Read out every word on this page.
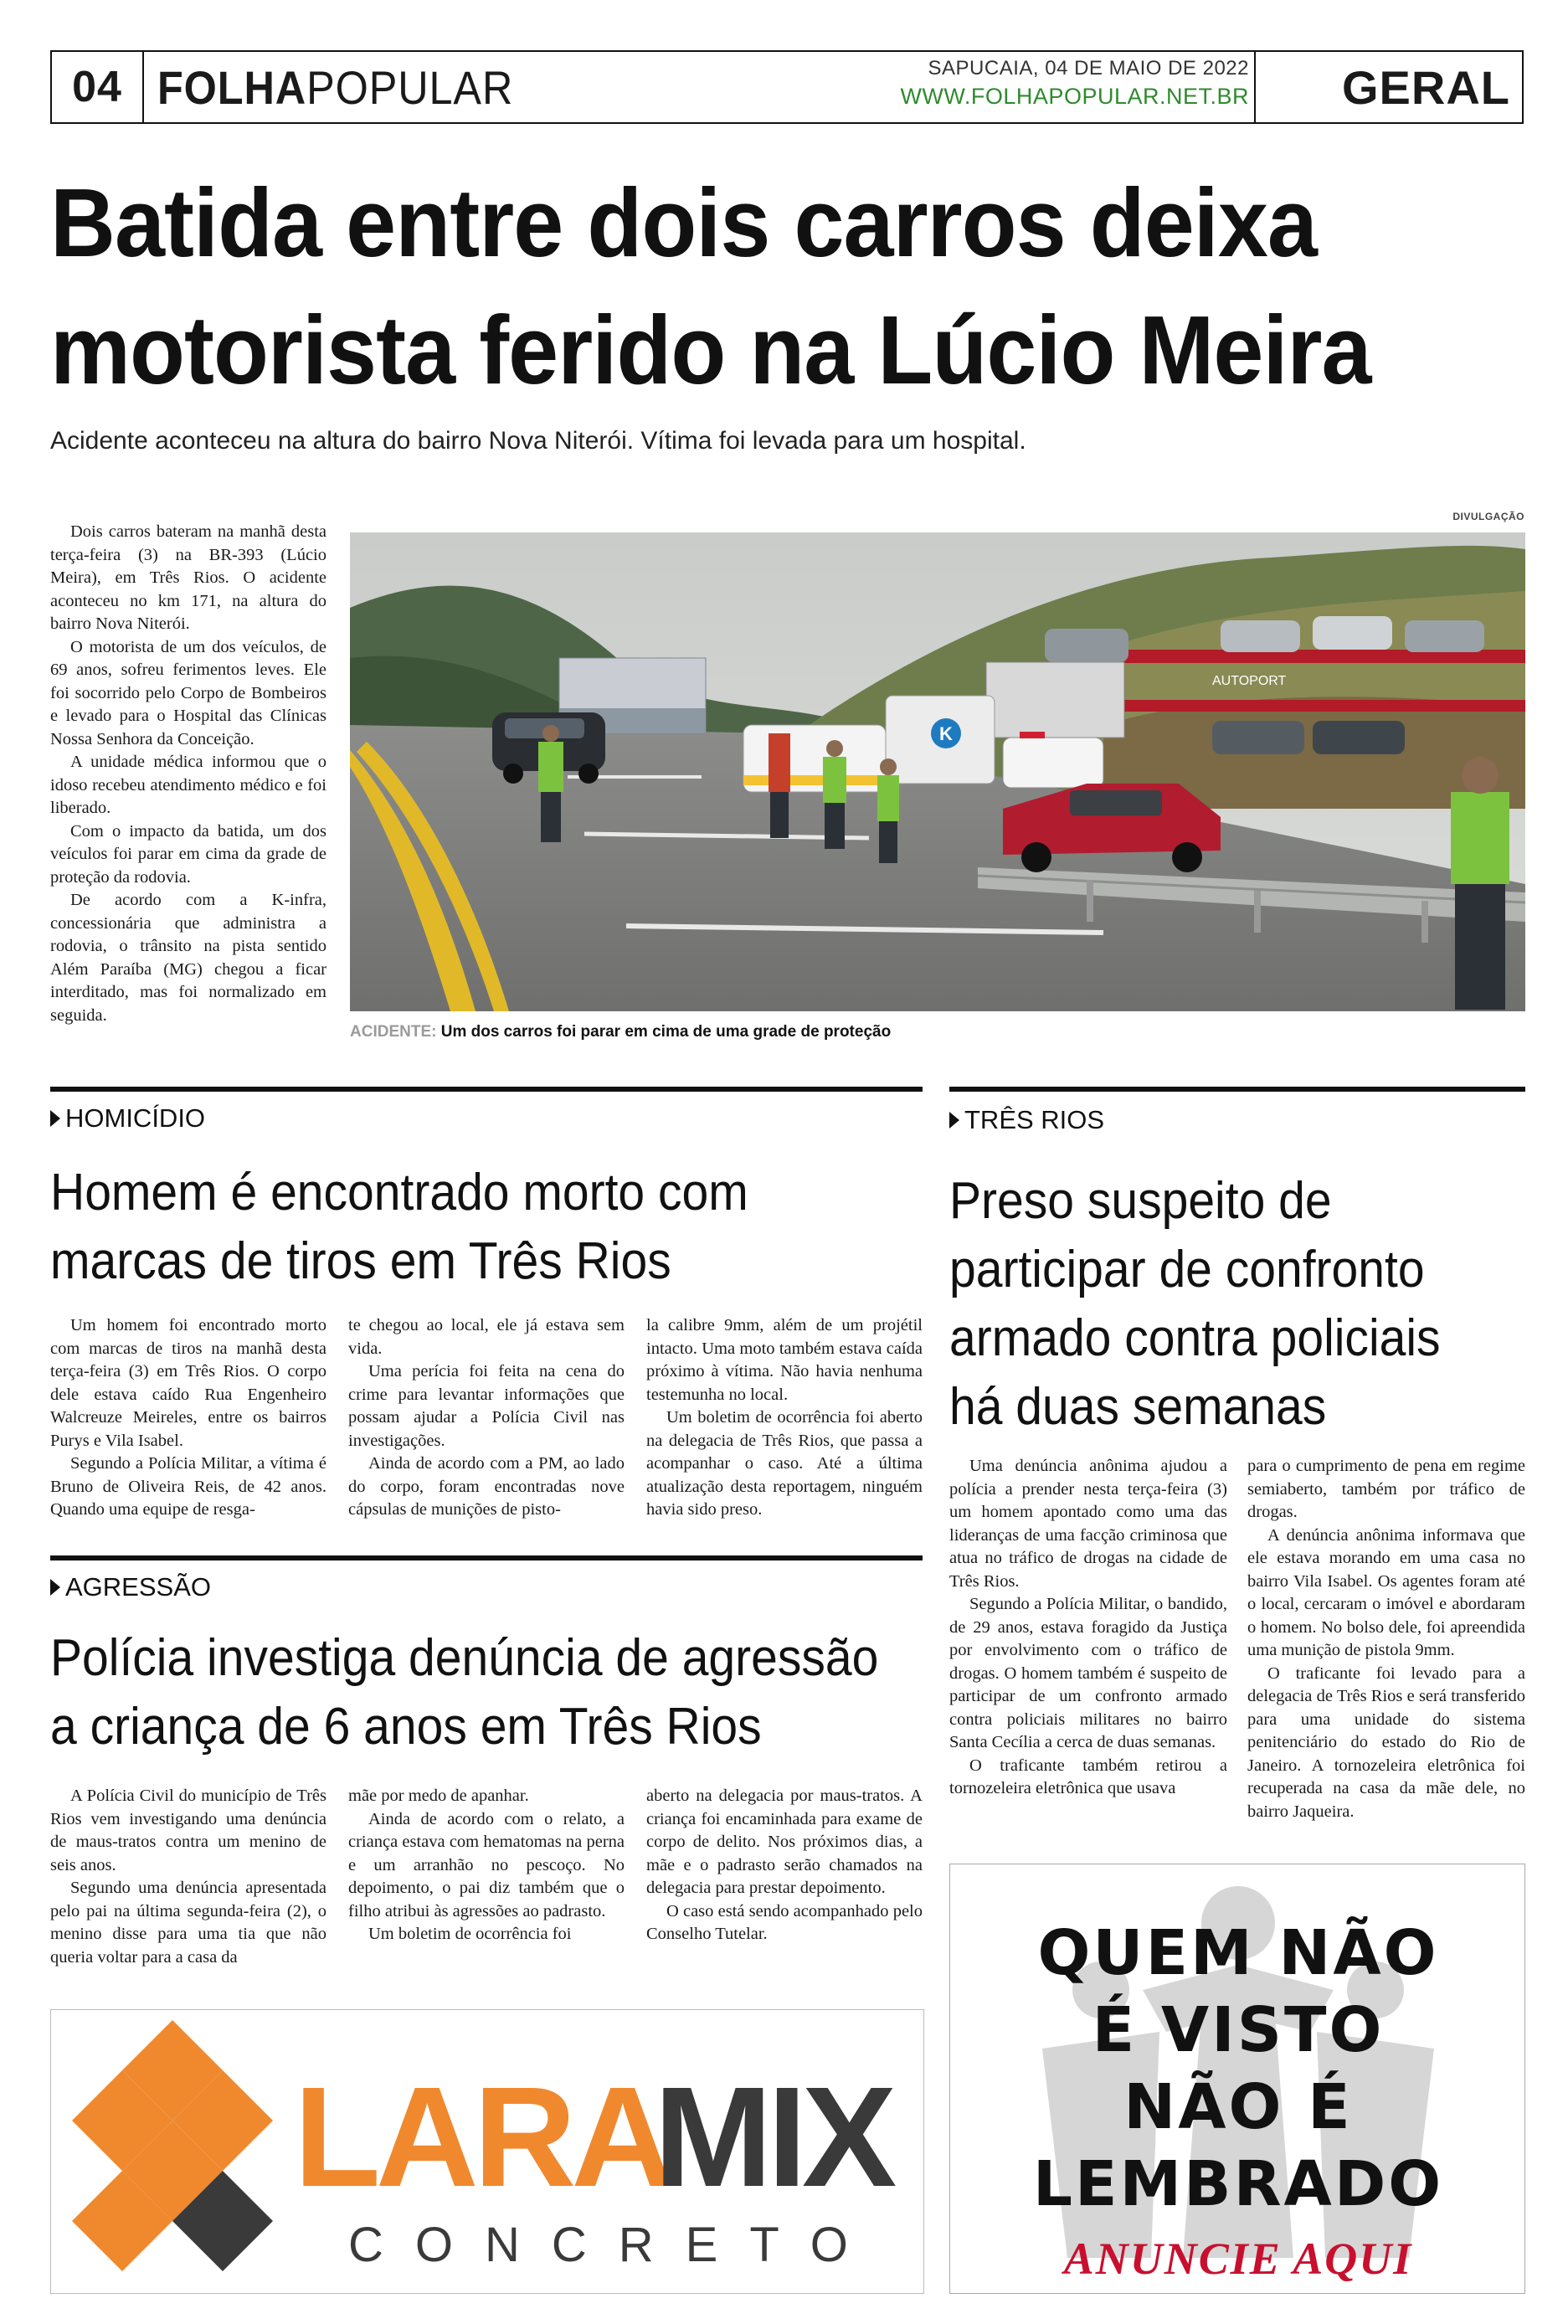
04 FOLHA POPULAR	SAPUCAIA, 04 DE MAIO DE 2022
WWW.FOLHAPOPULAR.NET.BR	GERAL
Batida entre dois carros deixa
motorista ferido na Lúcio Meira
Acidente aconteceu na altura do bairro Nova Niterói. Vítima foi levada para um hospital.

Dois carros bateram na manhã desta terça-feira (3) na BR-393 (Lúcio Meira), em Três Rios. O acidente aconteceu no km 171, na altura do bairro Nova Niterói.

O motorista de um dos veículos, de 69 anos, sofreu ferimentos leves. Ele foi socorrido pelo Corpo de Bombeiros e levado para o Hospital das Clínicas Nossa Senhora da Conceição.

A unidade médica informou que o idoso recebeu atendimento médico e foi liberado.

Com o impacto da batida, um dos veículos foi parar em cima da grade de proteção da rodovia.

De acordo com a K-infra, concessionária que administra a rodovia, o trânsito na pista sentido Além Paraíba (MG) chegou a ficar interditado, mas foi normalizado em seguida.

DIVULGAÇÃO
AUTOPORT
K
ACIDENTE: Um dos carros foi parar em cima de uma grade de proteção
HOMICÍDIO
Homem é encontrado morto com
marcas de tiros em Três Rios

Um homem foi encontrado morto com marcas de tiros na manhã desta terça-feira (3) em Três Rios. O corpo dele estava caído Rua Engenheiro Walcreuze Meireles, entre os bairros Purys e Vila Isabel.

Segundo a Polícia Militar, a vítima é Bruno de Oliveira Reis, de 42 anos. Quando uma equipe de resga-

te chegou ao local, ele já estava sem vida.

Uma perícia foi feita na cena do crime para levantar informações que possam ajudar a Polícia Civil nas investigações.

Ainda de acordo com a PM, ao lado do corpo, foram encontradas nove cápsulas de munições de pisto-

la calibre 9mm, além de um projétil intacto. Uma moto também estava caída próximo à vítima. Não havia nenhuma testemunha no local.

Um boletim de ocorrência foi aberto na delegacia de Três Rios, que passa a acompanhar o caso. Até a última atualização desta reportagem, ninguém havia sido preso.

AGRESSÃO
Polícia investiga denúncia de agressão
a criança de 6 anos em Três Rios

A Polícia Civil do município de Três Rios vem investigando uma denúncia de maus-tratos contra um menino de seis anos.

Segundo uma denúncia apresentada pelo pai na última segunda-feira (2), o menino disse para uma tia que não queria voltar para a casa da

mãe por medo de apanhar.

Ainda de acordo com o relato, a criança estava com hematomas na perna e um arranhão no pescoço. No depoimento, o pai diz também que o filho atribui às agressões ao padrasto.

Um boletim de ocorrência foi

aberto na delegacia por maus-tratos. A criança foi encaminhada para exame de corpo de delito. Nos próximos dias, a mãe e o padrasto serão chamados na delegacia para prestar depoimento.

O caso está sendo acompanhado pelo Conselho Tutelar.

TRÊS RIOS
Preso suspeito de
participar de confronto
armado contra policiais
há duas semanas

Uma denúncia anônima ajudou a polícia a prender nesta terça-feira (3) um homem apontado como uma das lideranças de uma facção criminosa que atua no tráfico de drogas na cidade de Três Rios.

Segundo a Polícia Militar, o bandido, de 29 anos, estava foragido da Justiça por envolvimento com o tráfico de drogas. O homem também é suspeito de participar de um confronto armado contra policiais militares no bairro Santa Cecília a cerca de duas semanas.

O traficante também retirou a tornozeleira eletrônica que usava

para o cumprimento de pena em regime semiaberto, também por tráfico de drogas.

A denúncia anônima informava que ele estava morando em uma casa no bairro Vila Isabel. Os agentes foram até o local, cercaram o imóvel e abordaram o homem. No bolso dele, foi apreendida uma munição de pistola 9mm.

O traficante foi levado para a delegacia de Três Rios e será transferido para uma unidade do sistema penitenciário do estado do Rio de Janeiro. A tornozeleira eletrônica foi recuperada na casa da mãe dele, no bairro Jaqueira.

LARA
MIX
CONCRETO
QUEM NÃO
É VISTO
NÃO É
LEMBRADO
ANUNCIE AQUI
